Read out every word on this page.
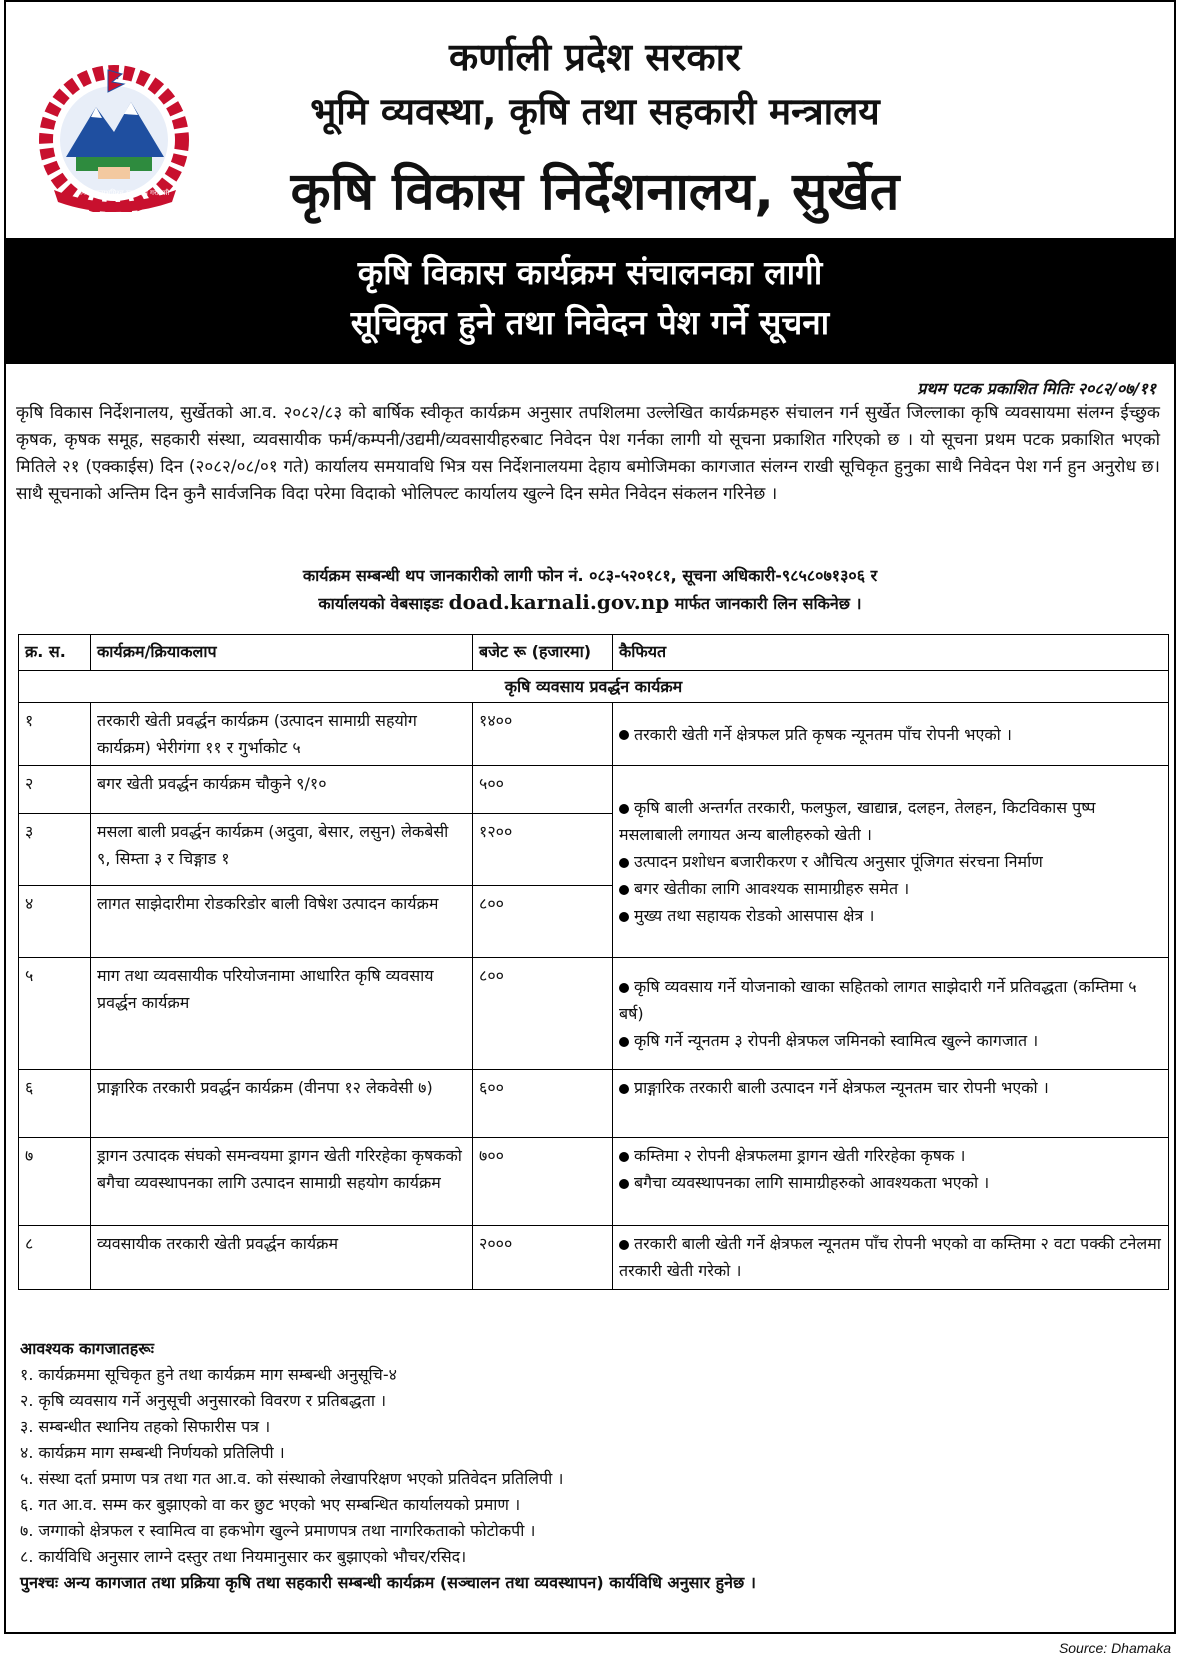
जननी जन्मभूमिश्च स्वर्गादपि गरीयसी
कर्णाली प्रदेश सरकार
भूमि व्यवस्था, कृषि तथा सहकारी मन्त्रालय
कृषि विकास निर्देशनालय, सुर्खेत
कृषि विकास कार्यक्रम संचालनका लागी
सूचिकृत हुने तथा निवेदन पेश गर्ने सूचना
प्रथम पटक प्रकाशित मितिः २०८२/०७/११
कृषि विकास निर्देशनालय, सुर्खेतको आ.व. २०८२/८३ को बार्षिक स्वीकृत कार्यक्रम अनुसार तपशिलमा उल्लेखित कार्यक्रमहरु संचालन गर्न सुर्खेत जिल्लाका कृषि व्यवसायमा संलग्न ईच्छुक कृषक, कृषक समूह, सहकारी संस्था, व्यवसायीक फर्म/कम्पनी/उद्यमी/व्यवसायीहरुबाट निवेदन पेश गर्नका लागी यो सूचना प्रकाशित गरिएको छ । यो सूचना प्रथम पटक प्रकाशित भएको मितिले २१ (एक्काईस) दिन (२०८२/०८/०१ गते) कार्यालय समयावधि भित्र यस निर्देशनालयमा देहाय बमोजिमका कागजात संलग्न राखी सूचिकृत हुनुका साथै निवेदन पेश गर्न हुन अनुरोध छ। साथै सूचनाको अन्तिम दिन कुनै सार्वजनिक विदा परेमा विदाको भोलिपल्ट कार्यालय खुल्ने दिन समेत निवेदन संकलन गरिनेछ ।
कार्यक्रम सम्बन्धी थप जानकारीको लागी फोन नं. ०८३-५२०१८१, सूचना अधिकारी-९८५८०७१३०६ र
कार्यालयको वेबसाइडः doad.karnali.gov.np मार्फत जानकारी लिन सकिनेछ ।
क्र. स.	कार्यक्रम/क्रियाकलाप	बजेट रू (हजारमा)	कैफियत
कृषि व्यवसाय प्रवर्द्धन कार्यक्रम			
१	तरकारी खेती प्रवर्द्धन कार्यक्रम (उत्पादन सामाग्री सहयोग कार्यक्रम) भेरीगंगा ११ र गुर्भाकोट ५	१४००	तरकारी खेती गर्ने क्षेत्रफल प्रति कृषक न्यूनतम पाँच रोपनी भएको ।

२	बगर खेती प्रवर्द्धन कार्यक्रम चौकुने ९/१०	५००	कृषि बाली अन्तर्गत तरकारी, फलफुल, खाद्यान्न, दलहन, तेलहन, किटविकास पुष्प मसलाबाली लगायत अन्य बालीहरुको खेती ।

उत्पादन प्रशोधन बजारीकरण र औचित्य अनुसार पूंजिगत संरचना निर्माण

बगर खेतीका लागि आवश्यक सामाग्रीहरु समेत ।

मुख्य तथा सहायक रोडको आसपास क्षेत्र ।

३	मसला बाली प्रवर्द्धन कार्यक्रम (अदुवा, बेसार, लसुन) लेकबेसी ९, सिम्ता ३ र चिङ्गाड १	१२००	
४	लागत साझेदारीमा रोडकरिडोर बाली विषेश उत्पादन कार्यक्रम	८००	
५	माग तथा व्यवसायीक परियोजनामा आधारित कृषि व्यवसाय प्रवर्द्धन कार्यक्रम	८००	कृषि व्यवसाय गर्ने योजनाको खाका सहितको लागत साझेदारी गर्ने प्रतिवद्धता (कम्तिमा ५ बर्ष)

कृषि गर्ने न्यूनतम ३ रोपनी क्षेत्रफल जमिनको स्वामित्व खुल्ने कागजात ।

६	प्राङ्गारिक तरकारी प्रवर्द्धन कार्यक्रम (वीनपा १२ लेकवेसी ७)	६००	प्राङ्गारिक तरकारी बाली उत्पादन गर्ने क्षेत्रफल न्यूनतम चार रोपनी भएको ।

७	ड्रागन उत्पादक संघको समन्वयमा ड्रागन खेती गरिरहेका कृषकको बगैचा व्यवस्थापनका लागि उत्पादन सामाग्री सहयोग कार्यक्रम	७००	कम्तिमा २ रोपनी क्षेत्रफलमा ड्रागन खेती गरिरहेका कृषक ।

बगैचा व्यवस्थापनका लागि सामाग्रीहरुको आवश्यकता भएको ।

८	व्यवसायीक तरकारी खेती प्रवर्द्धन कार्यक्रम	२०००	तरकारी बाली खेती गर्ने क्षेत्रफल न्यूनतम पाँच रोपनी भएको वा कम्तिमा २ वटा पक्की टनेलमा तरकारी खेती गरेको ।

आवश्यक कागजातहरूः
१. कार्यक्रममा सूचिकृत हुने तथा कार्यक्रम माग सम्बन्धी अनुसूचि-४
२. कृषि व्यवसाय गर्ने अनुसूची अनुसारको विवरण र प्रतिबद्धता ।
३. सम्बन्धीत स्थानिय तहको सिफारीस पत्र ।
४. कार्यक्रम माग सम्बन्धी निर्णयको प्रतिलिपी ।
५. संस्था दर्ता प्रमाण पत्र तथा गत आ.व. को संस्थाको लेखापरिक्षण भएको प्रतिवेदन प्रतिलिपी ।
६. गत आ.व. सम्म कर बुझाएको वा कर छुट भएको भए सम्बन्धित कार्यालयको प्रमाण ।
७. जग्गाको क्षेत्रफल र स्वामित्व वा हकभोग खुल्ने प्रमाणपत्र तथा नागरिकताको फोटोकपी ।
८. कार्यविधि अनुसार लाग्ने दस्तुर तथा नियमानुसार कर बुझाएको भौचर/रसिद।
पुनश्चः अन्य कागजात तथा प्रक्रिया कृषि तथा सहकारी सम्बन्धी कार्यक्रम (सञ्चालन तथा व्यवस्थापन) कार्यविधि अनुसार हुनेछ ।
Source: Dhamaka
